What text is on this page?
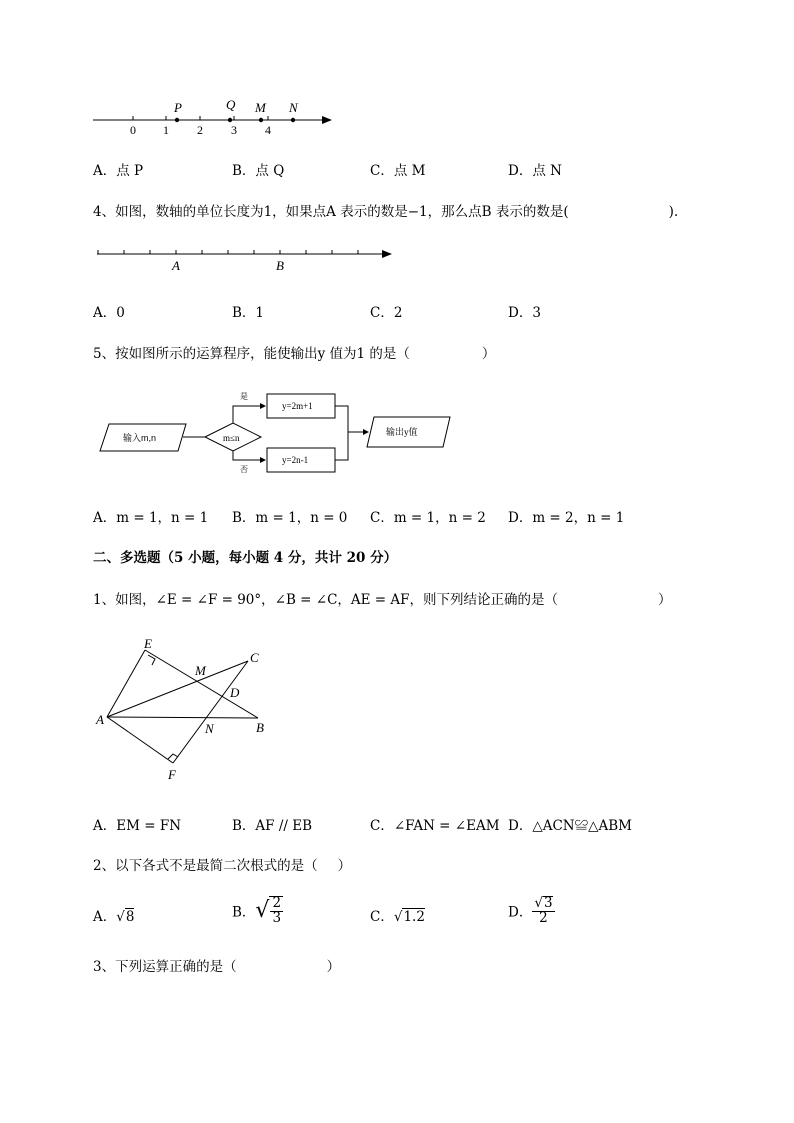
0 1 2 3 4
P	Q M N
A．点 P	B．点 Q	C．点 M	D．点 N
4、如图，数轴的单位长度为1，如果点A 表示的数是−1，那么点B 表示的数是(	).
A	B
A．0	B．1	C．2	D．3
5、按如图所示的运算程序，能使输出y 值为1 的是（	）
输入m,n	m≤n
是
否
y=2m+1
y=2n-1
输出y值
A．m = 1，n = 1 B．m = 1，n = 0 C．m = 1，n = 2 D．m = 2，n = 1
二、多选题（5 小题，每小题 4 分，共计 20 分）
1、如图，∠E = ∠F = 90°，∠B = ∠C，AE = AF，则下列结论正确的是（	）
E
C
M
D
A
N	B
F
A．EM = FN	B．AF // EB	C．∠FAN = ∠EAM D．△ACN≌△ABM
2、以下各式不是最简二次根式的是（ ）
A．√8	B．√ $\frac{2}{3}$	C．√1.2	D． $\frac{√3}{2}$
3、下列运算正确的是（	）
